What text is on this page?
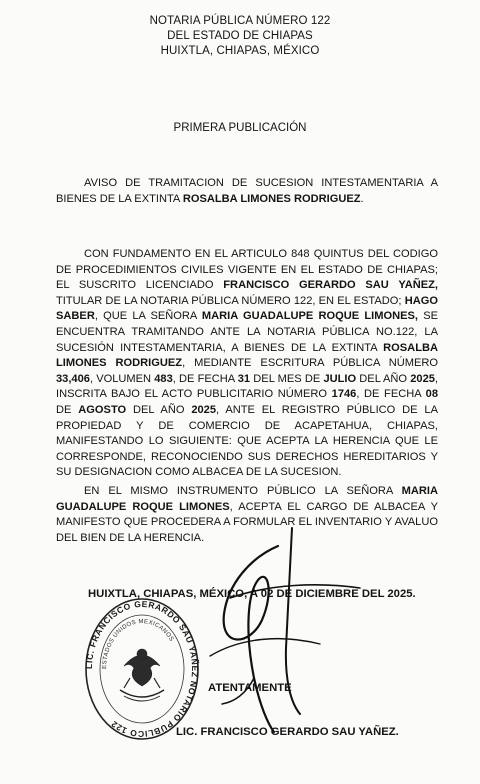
NOTARIA PÚBLICA NÚMERO 122
DEL ESTADO DE CHIAPAS
HUIXTLA, CHIAPAS, MÉXICO
PRIMERA PUBLICACIÓN
AVISO DE TRAMITACION DE SUCESION INTESTAMENTARIA A BIENES DE LA EXTINTA ROSALBA LIMONES RODRIGUEZ.
CON FUNDAMENTO EN EL ARTICULO 848 QUINTUS DEL CODIGO DE PROCEDIMIENTOS CIVILES VIGENTE EN EL ESTADO DE CHIAPAS; EL SUSCRITO LICENCIADO FRANCISCO GERARDO SAU YAÑEZ, TITULAR DE LA NOTARIA PÚBLICA NÚMERO 122, EN EL ESTADO; HAGO SABER, QUE LA SEÑORA MARIA GUADALUPE ROQUE LIMONES, SE ENCUENTRA TRAMITANDO ANTE LA NOTARIA PÚBLICA NO.122, LA SUCESIÓN INTESTAMENTARIA, A BIENES DE LA EXTINTA ROSALBA LIMONES RODRIGUEZ, MEDIANTE ESCRITURA PÚBLICA NÚMERO 33,406, VOLUMEN 483, DE FECHA 31 DEL MES DE JULIO DEL AÑO 2025, INSCRITA BAJO EL ACTO PUBLICITARIO NÚMERO 1746, DE FECHA 08 DE AGOSTO DEL AÑO 2025, ANTE EL REGISTRO PÚBLICO DE LA PROPIEDAD Y DE COMERCIO DE ACAPETAHUA, CHIAPAS, MANIFESTANDO LO SIGUIENTE: QUE ACEPTA LA HERENCIA QUE LE CORRESPONDE, RECONOCIENDO SUS DERECHOS HEREDITARIOS Y SU DESIGNACION COMO ALBACEA DE LA SUCESION.
EN EL MISMO INSTRUMENTO PÚBLICO LA SEÑORA MARIA GUADALUPE ROQUE LIMONES, ACEPTA EL CARGO DE ALBACEA Y MANIFESTO QUE PROCEDERA A FORMULAR EL INVENTARIO Y AVALUO DEL BIEN DE LA HERENCIA.
HUIXTLA, CHIAPAS, MÉXICO, A 02 DE DICIEMBRE DEL 2025.
LIC. FRANCISCO GERARDO SAU YAÑEZ NOTARIO PÚBLICO 122
ESTADOS UNIDOS MEXICANOS
ATENTAMENTE
LIC. FRANCISCO GERARDO SAU YAÑEZ.
